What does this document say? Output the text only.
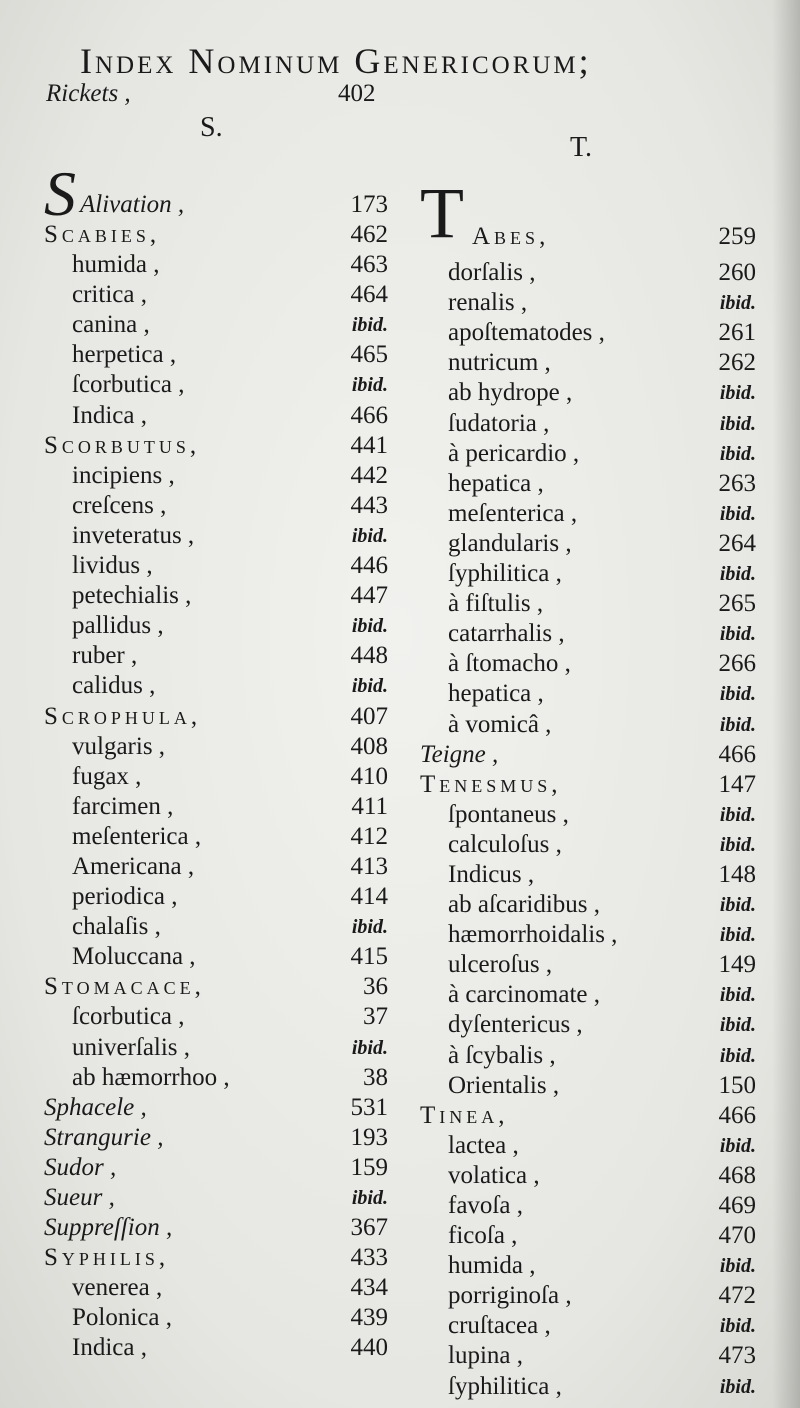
Index Nominum Genericorum;
Rickets ,	402
S.
T.
S Alivation ,	173
Scabies,	462
humida ,	463
critica ,	464
canina ,	ibid.
herpetica ,	465
ſcorbutica ,	ibid.
Indica ,	466
Scorbutus,	441
incipiens ,	442
creſcens ,	443
inveteratus ,	ibid.
lividus ,	446
petechialis ,	447
pallidus ,	ibid.
ruber ,	448
calidus ,	ibid.
Scrophula,	407
vulgaris ,	408
fugax ,	410
farcimen ,	411
meſenterica ,	412
Americana ,	413
periodica ,	414
chalaſis ,	ibid.
Moluccana ,	415
Stomacace,	36
ſcorbutica ,	37
univerſalis ,	ibid.
ab hæmorrhoo ,	38
Sphacele ,	531
Strangurie ,	193
Sudor ,	159
Sueur ,	ibid.
Suppreſſion ,	367
Syphilis,	433
venerea ,	434
Polonica ,	439
Indica ,	440
T Abes,	259
dorſalis ,	260
renalis ,	ibid.
apoſtematodes ,	261
nutricum ,	262
ab hydrope ,	ibid.
ſudatoria ,	ibid.
à pericardio ,	ibid.
hepatica ,	263
meſenterica ,	ibid.
glandularis ,	264
ſyphilitica ,	ibid.
à fiſtulis ,	265
catarrhalis ,	ibid.
à ſtomacho ,	266
hepatica ,	ibid.
à vomicâ ,	ibid.
Teigne ,	466
Tenesmus,	147
ſpontaneus ,	ibid.
calculoſus ,	ibid.
Indicus ,	148
ab aſcaridibus ,	ibid.
hæmorrhoidalis ,	ibid.
ulceroſus ,	149
à carcinomate ,	ibid.
dyſentericus ,	ibid.
à ſcybalis ,	ibid.
Orientalis ,	150
Tinea,	466
lactea ,	ibid.
volatica ,	468
favoſa ,	469
ficoſa ,	470
humida ,	ibid.
porriginoſa ,	472
cruſtacea ,	ibid.
lupina ,	473
ſyphilitica ,	ibid.
